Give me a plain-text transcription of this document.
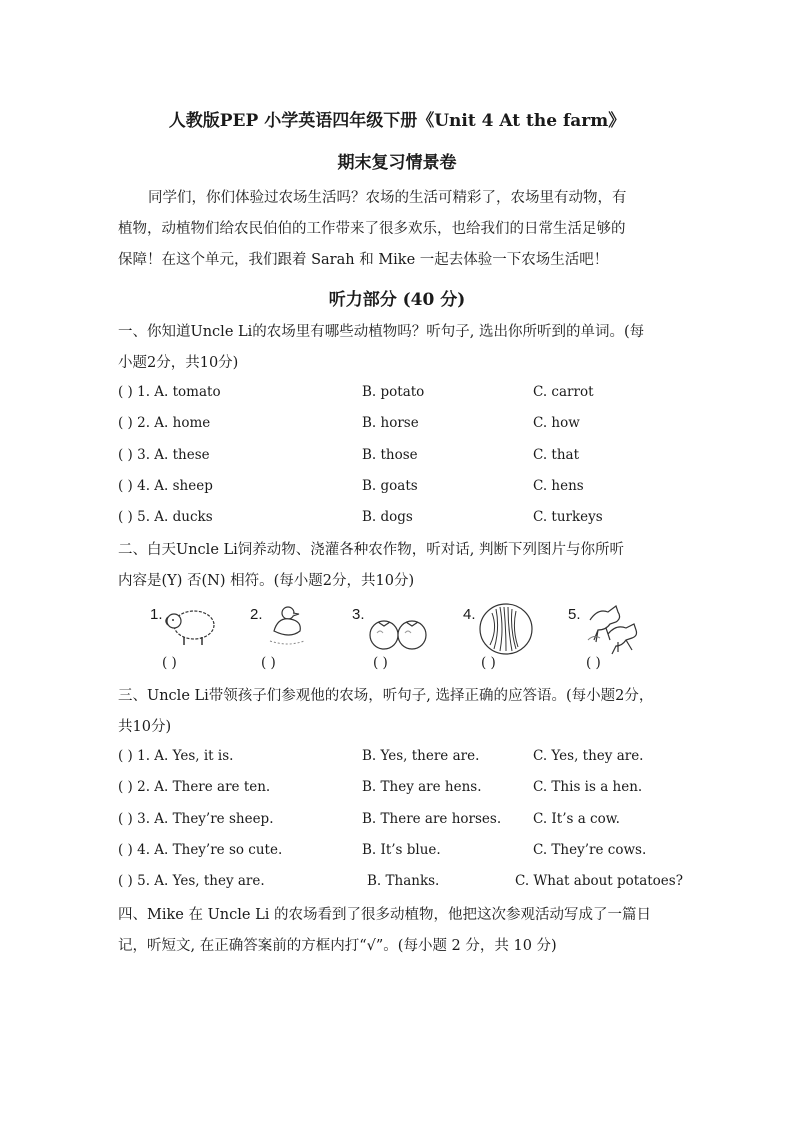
人教版PEP 小学英语四年级下册《Unit 4 At the farm》
期末复习情景卷
同学们，你们体验过农场生活吗？农场的生活可精彩了，农场里有动物，有
植物，动植物们给农民伯伯的工作带来了很多欢乐，也给我们的日常生活足够的
保障！在这个单元，我们跟着 Sarah 和 Mike 一起去体验一下农场生活吧！
听力部分 (40 分)
一、你知道Uncle Li的农场里有哪些动植物吗？听句子, 选出你所听到的单词。(每
小题2分，共10分)
( ) 1. A. tomato	B. potato	C. carrot
( ) 2. A. home	B. horse	C. how
( ) 3. A. these	B. those	C. that
( ) 4. A. sheep	B. goats	C. hens
( ) 5. A. ducks	B. dogs	C. turkeys
二、白天Uncle Li饲养动物、浇灌各种农作物，听对话, 判断下列图片与你所听
内容是(Y) 否(N) 相符。(每小题2分，共10分)
1.
( )
2.
( )
3.
( )
4.
( )
5.
( )
三、Uncle Li带领孩子们参观他的农场，听句子, 选择正确的应答语。(每小题2分，
共10分)
( ) 1. A. Yes, it is.	B. Yes, there are.	C. Yes, they are.
( ) 2. A. There are ten.	B. They are hens.	C. This is a hen.
( ) 3. A. They’re sheep.	B. There are horses. C. It’s a cow.
( ) 4. A. They’re so cute.	B. It’s blue.	C. They’re cows.
( ) 5. A. Yes, they are.	B. Thanks.	C. What about potatoes?
四、Mike 在 Uncle Li 的农场看到了很多动植物，他把这次参观活动写成了一篇日
记，听短文, 在正确答案前的方框内打“√”。(每小题 2 分，共 10 分)
